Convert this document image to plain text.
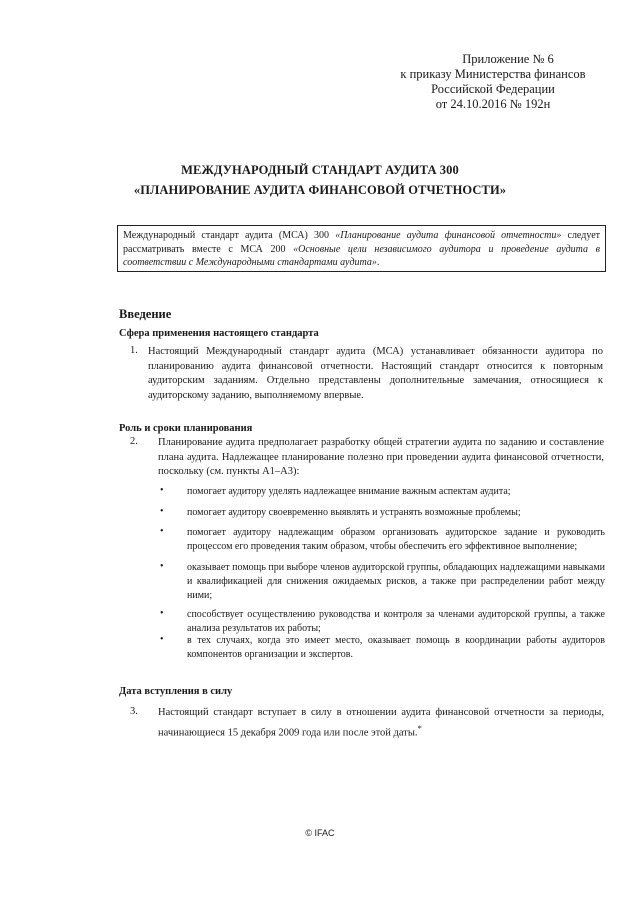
Приложение № 6
к приказу Министерства финансов
Российской Федерации
от 24.10.2016 № 192н
МЕЖДУНАРОДНЫЙ СТАНДАРТ АУДИТА 300
«ПЛАНИРОВАНИЕ АУДИТА ФИНАНСОВОЙ ОТЧЕТНОСТИ»
Международный стандарт аудита (МСА) 300 «Планирование аудита финансовой отчетности» следует рассматривать вместе с МСА 200 «Основные цели независимого аудитора и проведение аудита в соответствии с Международными стандартами аудита».
Введение
Сфера применения настоящего стандарта
1. Настоящий Международный стандарт аудита (МСА) устанавливает обязанности аудитора по планированию аудита финансовой отчетности. Настоящий стандарт относится к повторным аудиторским заданиям. Отдельно представлены дополнительные замечания, относящиеся к аудиторскому заданию, выполняемому впервые.
Роль и сроки планирования
2. Планирование аудита предполагает разработку общей стратегии аудита по заданию и составление плана аудита. Надлежащее планирование полезно при проведении аудита финансовой отчетности, поскольку (см. пункты А1–А3):
• помогает аудитору уделять надлежащее внимание важным аспектам аудита;
• помогает аудитору своевременно выявлять и устранять возможные проблемы;
• помогает аудитору надлежащим образом организовать аудиторское задание и руководить процессом его проведения таким образом, чтобы обеспечить его эффективное выполнение;
• оказывает помощь при выборе членов аудиторской группы, обладающих надлежащими навыками и квалификацией для снижения ожидаемых рисков, а также при распределении работ между ними;
• способствует осуществлению руководства и контроля за членами аудиторской группы, а также анализа результатов их работы;
• в тех случаях, когда это имеет место, оказывает помощь в координации работы аудиторов компонентов организации и экспертов.
Дата вступления в силу
3. Настоящий стандарт вступает в силу в отношении аудита финансовой отчетности за периоды, начинающиеся 15 декабря 2009 года или после этой даты.*
© IFAC
